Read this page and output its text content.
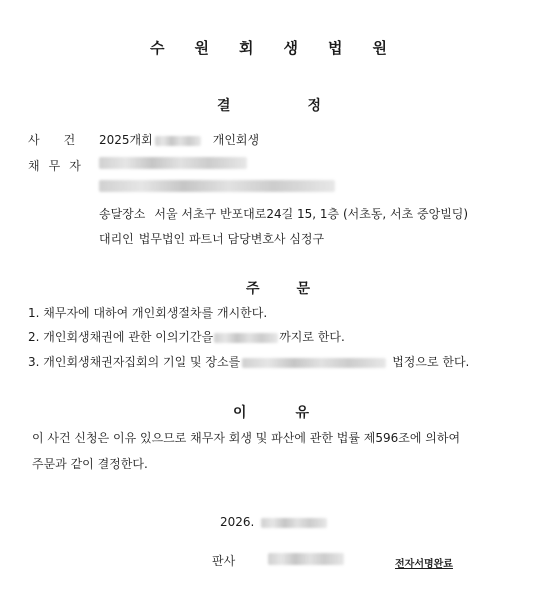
수 원 회 생 법 원
결	정
사 건 2025개회	개인회생
채 무 자
송달장소 서울 서초구 반포대로24길 15, 1층 (서초동, 서초 중앙빌딩)
대리인 법무법인 파트너 담당변호사 심정구
주	문
1. 채무자에 대하여 개인회생절차를 개시한다.
2. 개인회생채권에 관한 이의기간을	까지로 한다.
3. 개인회생채권자집회의 기일 및 장소를	법정으로 한다.
이	유
이 사건 신청은 이유 있으므로 채무자 회생 및 파산에 관한 법률 제596조에 의하여
주문과 같이 결정한다.
2026.
판사	전자서명완료
